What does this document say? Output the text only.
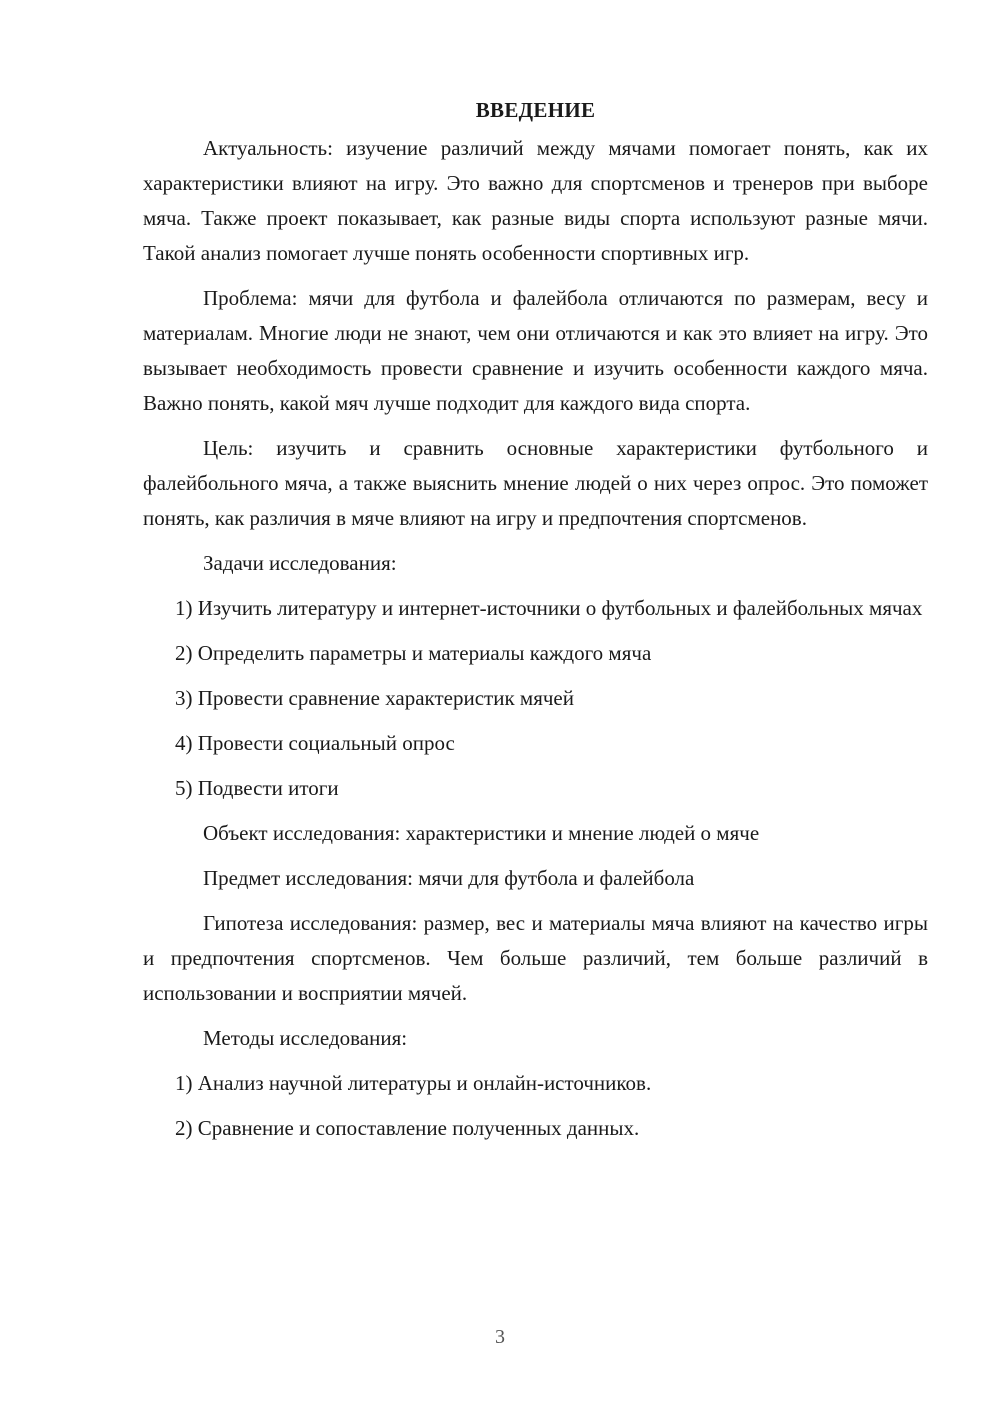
ВВЕДЕНИЕ

Актуальность: изучение различий между мячами помогает понять, как их характеристики влияют на игру. Это важно для спортсменов и тренеров при выборе мяча. Также проект показывает, как разные виды спорта используют разные мячи. Такой анализ помогает лучше понять особенности спортивных игр.

Проблема: мячи для футбола и фалейбола отличаются по размерам, весу и материалам. Многие люди не знают, чем они отличаются и как это влияет на игру. Это вызывает необходимость провести сравнение и изучить особенности каждого мяча. Важно понять, какой мяч лучше подходит для каждого вида спорта.

Цель: изучить и сравнить основные характеристики футбольного и фалейбольного мяча, а также выяснить мнение людей о них через опрос. Это поможет понять, как различия в мяче влияют на игру и предпочтения спортсменов.

Задачи исследования:

1) Изучить литературу и интернет-источники о футбольных и фалейбольных мячах

2) Определить параметры и материалы каждого мяча

3) Провести сравнение характеристик мячей

4) Провести социальный опрос

5) Подвести итоги

Объект исследования: характеристики и мнение людей о мяче

Предмет исследования: мячи для футбола и фалейбола

Гипотеза исследования: размер, вес и материалы мяча влияют на качество игры и предпочтения спортсменов. Чем больше различий, тем больше различий в использовании и восприятии мячей.

Методы исследования:

1) Анализ научной литературы и онлайн-источников.

2) Сравнение и сопоставление полученных данных.

3
